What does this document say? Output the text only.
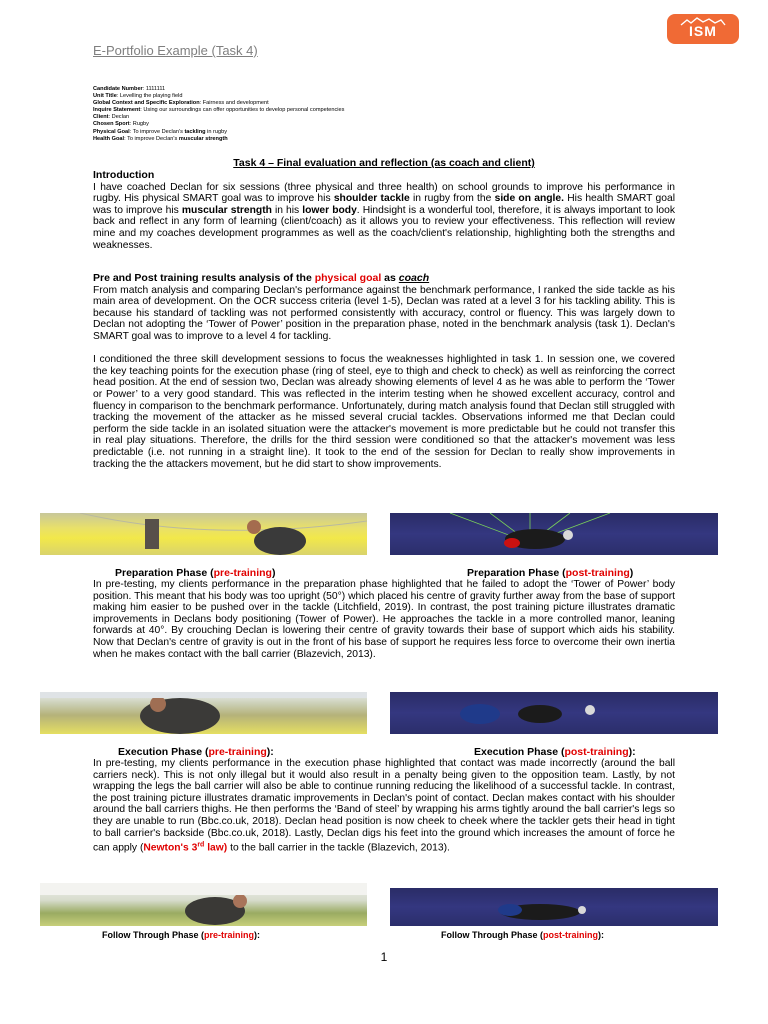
E-Portfolio Example (Task 4)
ISM
Candidate Number: 1111111
Unit Title: Levelling the playing field
Global Context and Specific Exploration: Fairness and development
Inquire Statement: Using our surroundings can offer opportunities to develop personal competencies
Client: Declan
Chosen Sport: Rugby
Physical Goal: To improve Declan's tackling in rugby
Health Goal: To improve Declan's muscular strength
Task 4 – Final evaluation and reflection (as coach and client)

Introduction

I have coached Declan for six sessions (three physical and three health) on school grounds to improve his performance in rugby. His physical SMART goal was to improve his shoulder tackle in rugby from the side on angle. His health SMART goal was to improve his muscular strength in his lower body. Hindsight is a wonderful tool, therefore, it is always important to look back and reflect in any form of learning (client/coach) as it allows you to review your effectiveness. This reflection will review mine and my coaches development programmes as well as the coach/client's relationship, highlighting both the strengths and weaknesses.

Pre and Post training results analysis of the physical goal as coach

From match analysis and comparing Declan's performance against the benchmark performance, I ranked the side tackle as his main area of development. On the OCR success criteria (level 1-5), Declan was rated at a level 3 for his tackling ability. This is because his standard of tackling was not performed consistently with accuracy, control or fluency. This was largely down to Declan not adopting the ‘Tower of Power’ position in the preparation phase, noted in the benchmark analysis (task 1). Declan's SMART goal was to improve to a level 4 for tackling.

I conditioned the three skill development sessions to focus the weaknesses highlighted in task 1. In session one, we covered the key teaching points for the execution phase (ring of steel, eye to thigh and check to check) as well as reinforcing the correct head position. At the end of session two, Declan was already showing elements of level 4 as he was able to perform the ‘Tower or Power’ to a very good standard. This was reflected in the interim testing when he showed excellent accuracy, control and fluency in comparison to the benchmark performance. Unfortunately, during match analysis found that Declan still struggled with tracking the movement of the attacker as he missed several crucial tackles. Observations informed me that Declan could perform the side tackle in an isolated situation were the attacker's movement is more predictable but he could not transfer this in real play situations. Therefore, the drills for the third session were conditioned so that the attacker's movement was less predictable (i.e. not running in a straight line). It took to the end of the session for Declan to really show improvements in tracking the the attackers movement, but he did start to show improvements.

Preparation Phase (pre-training)	Preparation Phase (post-training)

In pre-testing, my clients performance in the preparation phase highlighted that he failed to adopt the ‘Tower of Power’ body position. This meant that his body was too upright (50°) which placed his centre of gravity further away from the base of support making him easier to be pushed over in the tackle (Litchfield, 2019). In contrast, the post training picture illustrates dramatic improvements in Declans body positioning (Tower of Power). He approaches the tackle in a more controlled manor, leaning forwards at 40°. By crouching Declan is lowering their centre of gravity towards their base of support which aids his stability. Now that Declan's centre of gravity is out in the front of his base of support he requires less force to overcome their own inertia when he makes contact with the ball carrier (Blazevich, 2013).

Execution Phase (pre-training):	Execution Phase (post-training):

In pre-testing, my clients performance in the execution phase highlighted that contact was made incorrectly (around the ball carriers neck). This is not only illegal but it would also result in a penalty being given to the opposition team. Lastly, by not wrapping the legs the ball carrier will also be able to continue running reducing the likelihood of a successful tackle. In contrast, the post training picture illustrates dramatic improvements in Declan's point of contact. Declan makes contact with his shoulder around the ball carriers thighs. He then performs the ‘Band of steel’ by wrapping his arms tightly around the ball carrier's legs so they are unable to run (Bbc.co.uk, 2018). Declan head position is now cheek to cheek where the tackler gets their head in tight to ball carrier's backside (Bbc.co.uk, 2018). Lastly, Declan digs his feet into the ground which increases the amount of force he can apply (Newton's 3rd law) to the ball carrier in the tackle (Blazevich, 2013).

Follow Through Phase (pre-training):	Follow Through Phase (post-training):
1
